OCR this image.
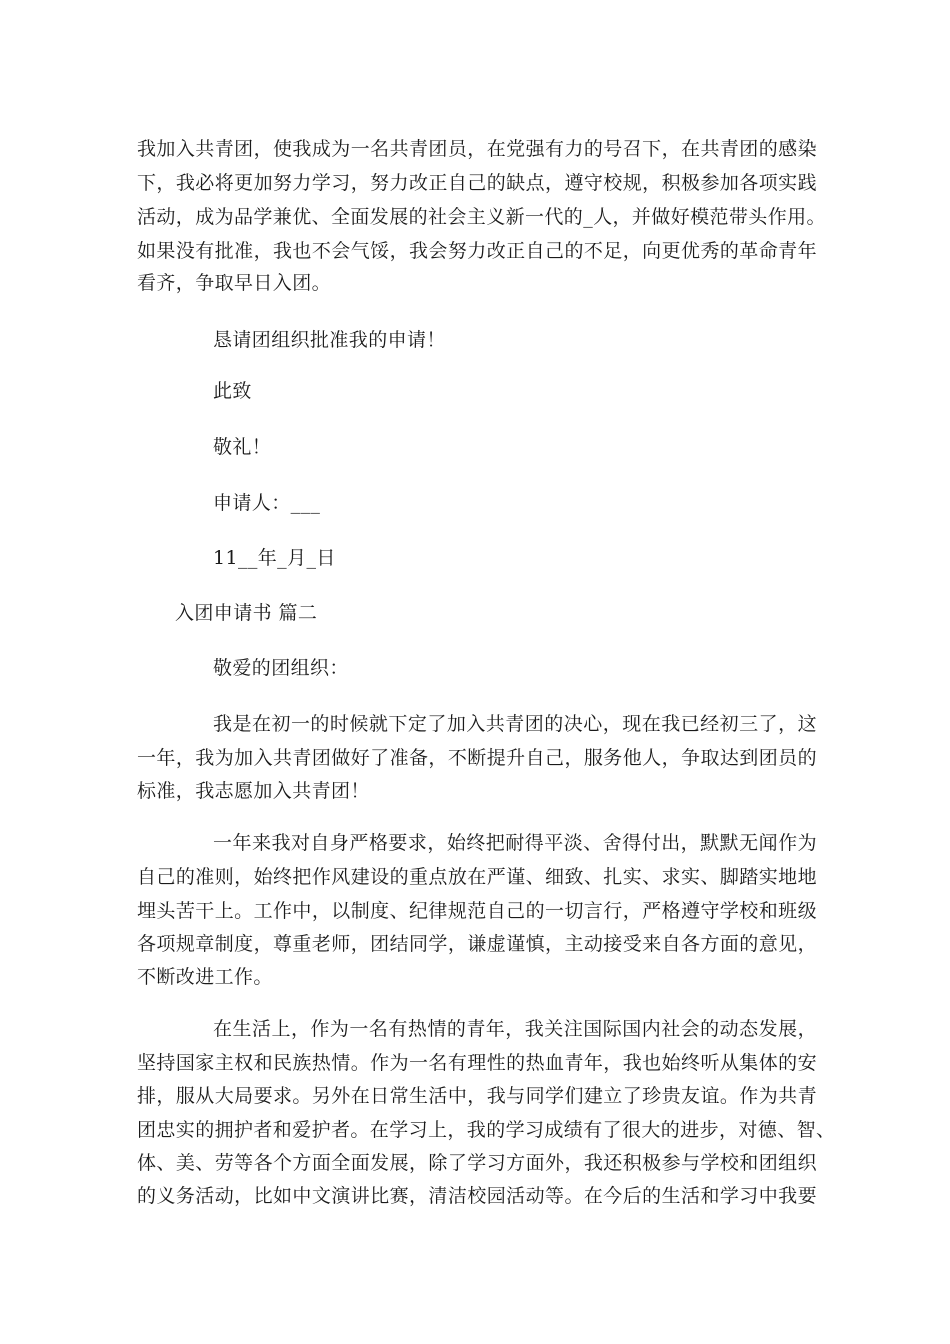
我加入共青团，使我成为一名共青团员，在党强有力的号召下，在共青团的感染
下，我必将更加努力学习，努力改正自己的缺点，遵守校规，积极参加各项实践
活动，成为品学兼优、全面发展的社会主义新一代的_人，并做好模范带头作用。
如果没有批准，我也不会气馁，我会努力改正自己的不足，向更优秀的革命青年
看齐，争取早日入团。
恳请团组织批准我的申请！
此致
敬礼！
申请人：___
11__年_月_日
入团申请书 篇二
敬爱的团组织：
我是在初一的时候就下定了加入共青团的决心，现在我已经初三了，这
一年，我为加入共青团做好了准备，不断提升自己，服务他人，争取达到团员的
标准，我志愿加入共青团！
一年来我对自身严格要求，始终把耐得平淡、舍得付出，默默无闻作为
自己的准则，始终把作风建设的重点放在严谨、细致、扎实、求实、脚踏实地地
埋头苦干上。工作中，以制度、纪律规范自己的一切言行，严格遵守学校和班级
各项规章制度，尊重老师，团结同学，谦虚谨慎，主动接受来自各方面的意见，
不断改进工作。
在生活上，作为一名有热情的青年，我关注国际国内社会的动态发展，
坚持国家主权和民族热情。作为一名有理性的热血青年，我也始终听从集体的安
排，服从大局要求。另外在日常生活中，我与同学们建立了珍贵友谊。作为共青
团忠实的拥护者和爱护者。在学习上，我的学习成绩有了很大的进步，对德、智、
体、美、劳等各个方面全面发展，除了学习方面外，我还积极参与学校和团组织
的义务活动，比如中文演讲比赛，清洁校园活动等。在今后的生活和学习中我要
